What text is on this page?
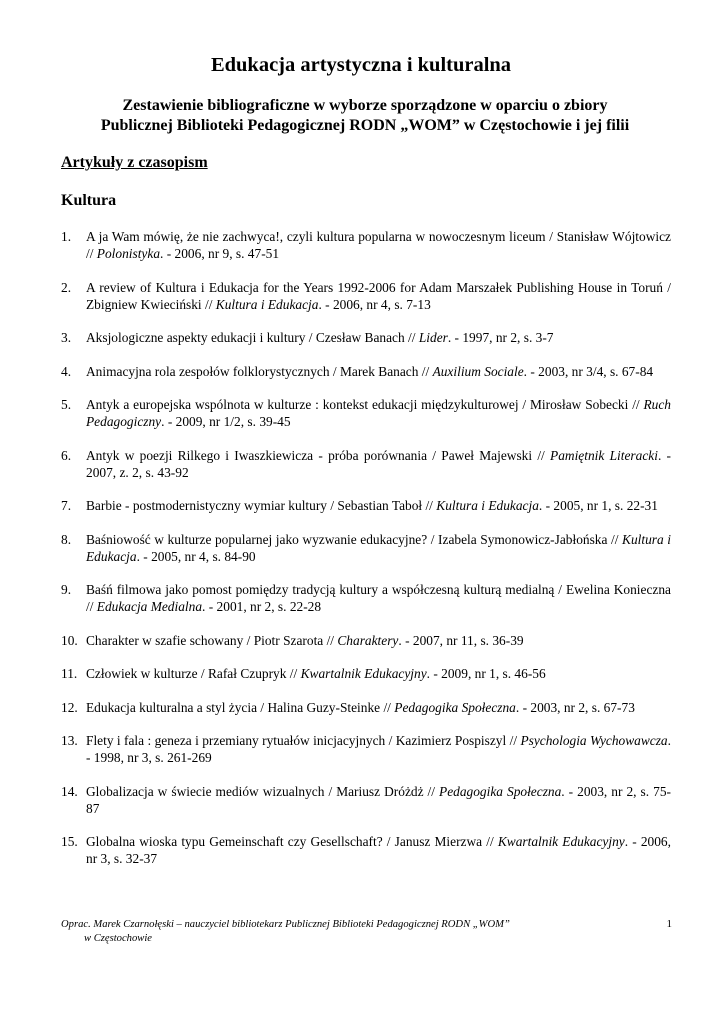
Edukacja artystyczna i kulturalna
Zestawienie bibliograficzne w wyborze sporządzone w oparciu o zbiory
Publicznej Biblioteki Pedagogicznej RODN „WOM” w Częstochowie i jej filii
Artykuły z czasopism
Kultura
1. A ja Wam mówię, że nie zachwyca!, czyli kultura popularna w nowoczesnym liceum / Stanisław Wójtowicz // Polonistyka. - 2006, nr 9, s. 47-51
2. A review of Kultura i Edukacja for the Years 1992-2006 for Adam Marszałek Publishing House in Toruń / Zbigniew Kwieciński // Kultura i Edukacja. - 2006, nr 4, s. 7-13
3. Aksjologiczne aspekty edukacji i kultury / Czesław Banach // Lider. - 1997, nr 2, s. 3-7
4. Animacyjna rola zespołów folklorystycznych / Marek Banach // Auxilium Sociale. - 2003, nr 3/4, s. 67-84
5. Antyk a europejska wspólnota w kulturze : kontekst edukacji międzykulturowej / Mirosław Sobecki // Ruch Pedagogiczny. - 2009, nr 1/2, s. 39-45
6. Antyk w poezji Rilkego i Iwaszkiewicza - próba porównania / Paweł Majewski // Pamiętnik Literacki. - 2007, z. 2, s. 43-92
7. Barbie - postmodernistyczny wymiar kultury / Sebastian Taboł // Kultura i Edukacja. - 2005, nr 1, s. 22-31
8. Baśniowość w kulturze popularnej jako wyzwanie edukacyjne? / Izabela Symonowicz-Jabłońska // Kultura i Edukacja. - 2005, nr 4, s. 84-90
9. Baśń filmowa jako pomost pomiędzy tradycją kultury a współczesną kulturą medialną / Ewelina Konieczna // Edukacja Medialna. - 2001, nr 2, s. 22-28
10. Charakter w szafie schowany / Piotr Szarota // Charaktery. - 2007, nr 11, s. 36-39
11. Człowiek w kulturze / Rafał Czupryk // Kwartalnik Edukacyjny. - 2009, nr 1, s. 46-56
12. Edukacja kulturalna a styl życia / Halina Guzy-Steinke // Pedagogika Społeczna. - 2003, nr 2, s. 67-73
13. Flety i fala : geneza i przemiany rytuałów inicjacyjnych / Kazimierz Pospiszyl // Psychologia Wychowawcza. - 1998, nr 3, s. 261-269
14. Globalizacja w świecie mediów wizualnych / Mariusz Dróżdż // Pedagogika Społeczna. - 2003, nr 2, s. 75-87
15. Globalna wioska typu Gemeinschaft czy Gesellschaft? / Janusz Mierzwa // Kwartalnik Edukacyjny. - 2006, nr 3, s. 32-37
Oprac. Marek Czarnołęski – nauczyciel bibliotekarz Publicznej Biblioteki Pedagogicznej RODN „WOM”
w Częstochowie
1
